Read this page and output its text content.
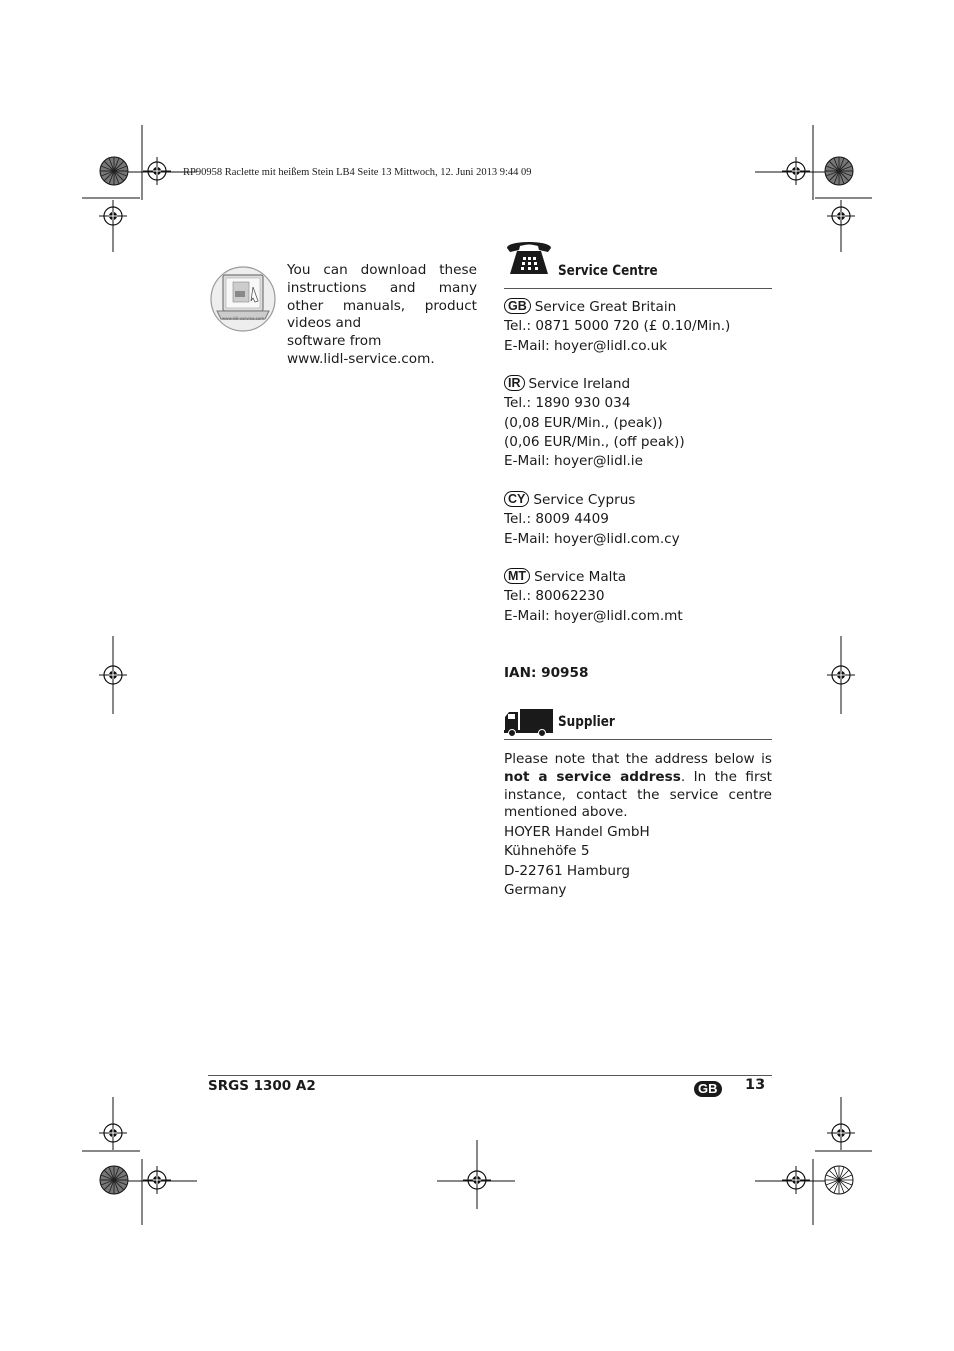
RP90958 Raclette mit heißem Stein LB4 Seite 13 Mittwoch, 12. Juni 2013 9:44 09
www.lidl-service.com
You can download these instructions and many other manuals, product videos and
software from
www.lidl-service.com.
Service Centre
GB Service Great Britain
Tel.: 0871 5000 720 (£ 0.10/Min.)
E-Mail: hoyer@lidl.co.uk
IR Service Ireland
Tel.: 1890 930 034
(0,08 EUR/Min., (peak))
(0,06 EUR/Min., (off peak))
E-Mail: hoyer@lidl.ie
CY Service Cyprus
Tel.: 8009 4409
E-Mail: hoyer@lidl.com.cy
MT Service Malta
Tel.: 80062230
E-Mail: hoyer@lidl.com.mt
IAN: 90958
Supplier
Please note that the address below is not a service address. In the first instance, contact the service centre mentioned above.
HOYER Handel GmbH
Kühnehöfe 5
D-22761 Hamburg
Germany
SRGS 1300 A2	GB 13
